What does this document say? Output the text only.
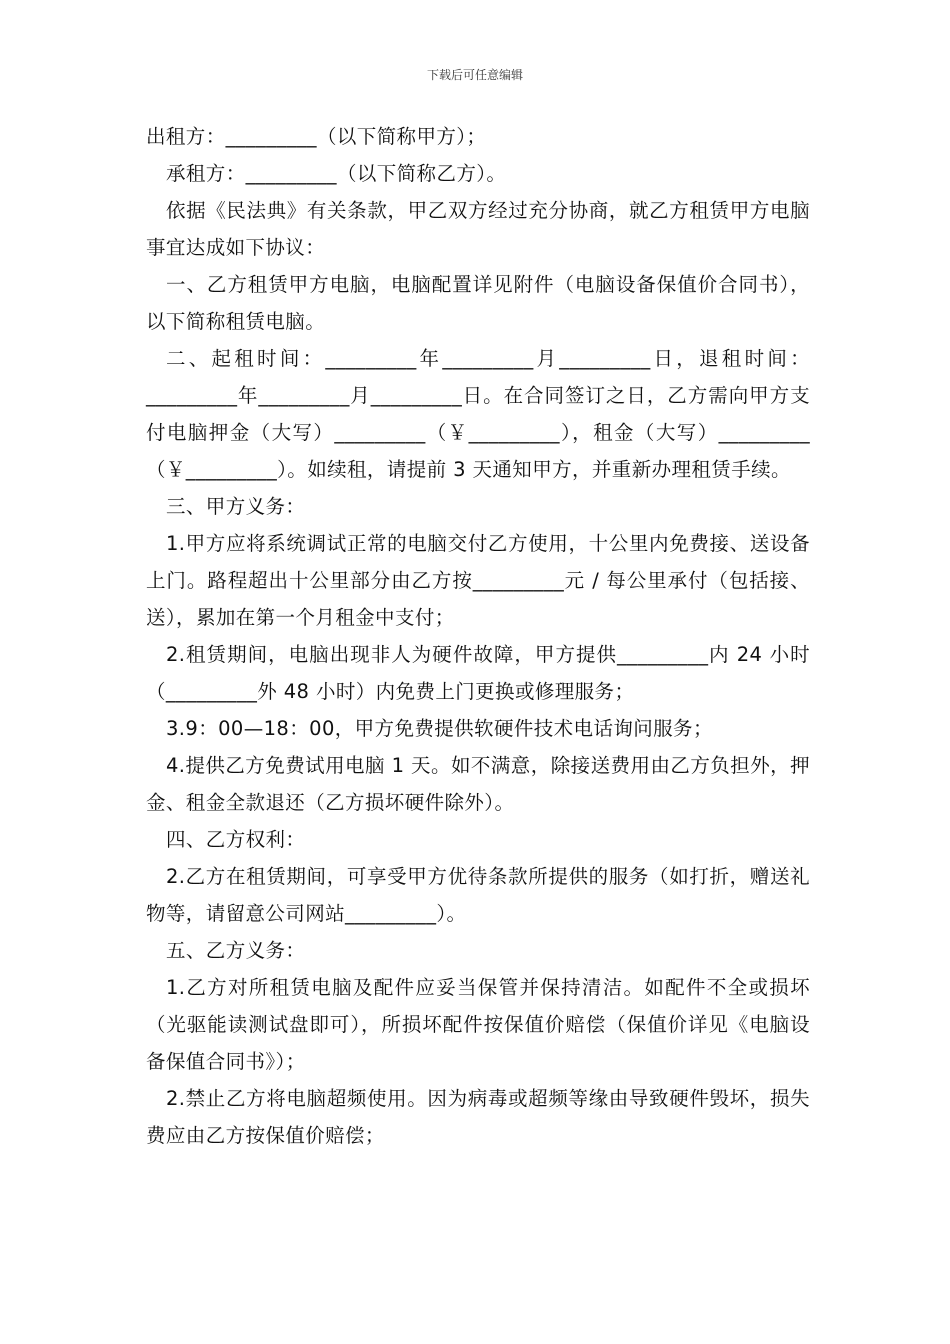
下载后可任意编辑

出租方：_________（以下简称甲方）；

承租方：_________（以下简称乙方）。

依据《民法典》有关条款，甲乙双方经过充分协商，就乙方租赁甲方电脑事宜达成如下协议：

一、乙方租赁甲方电脑，电脑配置详见附件（电脑设备保值价合同书），以下简称租赁电脑。

二、起租时间：_________年_________月_________日，退租时间：_________年_________月_________日。在合同签订之日，乙方需向甲方支付电脑押金（大写）_________（￥_________），租金（大写）_________（￥_________）。如续租，请提前 3 天通知甲方，并重新办理租赁手续。

三、甲方义务：

1.甲方应将系统调试正常的电脑交付乙方使用，十公里内免费接、送设备上门。路程超出十公里部分由乙方按_________元 / 每公里承付（包括接、送），累加在第一个月租金中支付；

2.租赁期间，电脑出现非人为硬件故障，甲方提供_________内 24 小时（_________外 48 小时）内免费上门更换或修理服务；

3.9：00—18：00，甲方免费提供软硬件技术电话询问服务；

4.提供乙方免费试用电脑 1 天。如不满意，除接送费用由乙方负担外，押金、租金全款退还（乙方损坏硬件除外）。

四、乙方权利：

2.乙方在租赁期间，可享受甲方优待条款所提供的服务（如打折，赠送礼物等，请留意公司网站_________）。

五、乙方义务：

1.乙方对所租赁电脑及配件应妥当保管并保持清洁。如配件不全或损坏（光驱能读测试盘即可），所损坏配件按保值价赔偿（保值价详见《电脑设备保值合同书》）；

2.禁止乙方将电脑超频使用。因为病毒或超频等缘由导致硬件毁坏，损失费应由乙方按保值价赔偿；
